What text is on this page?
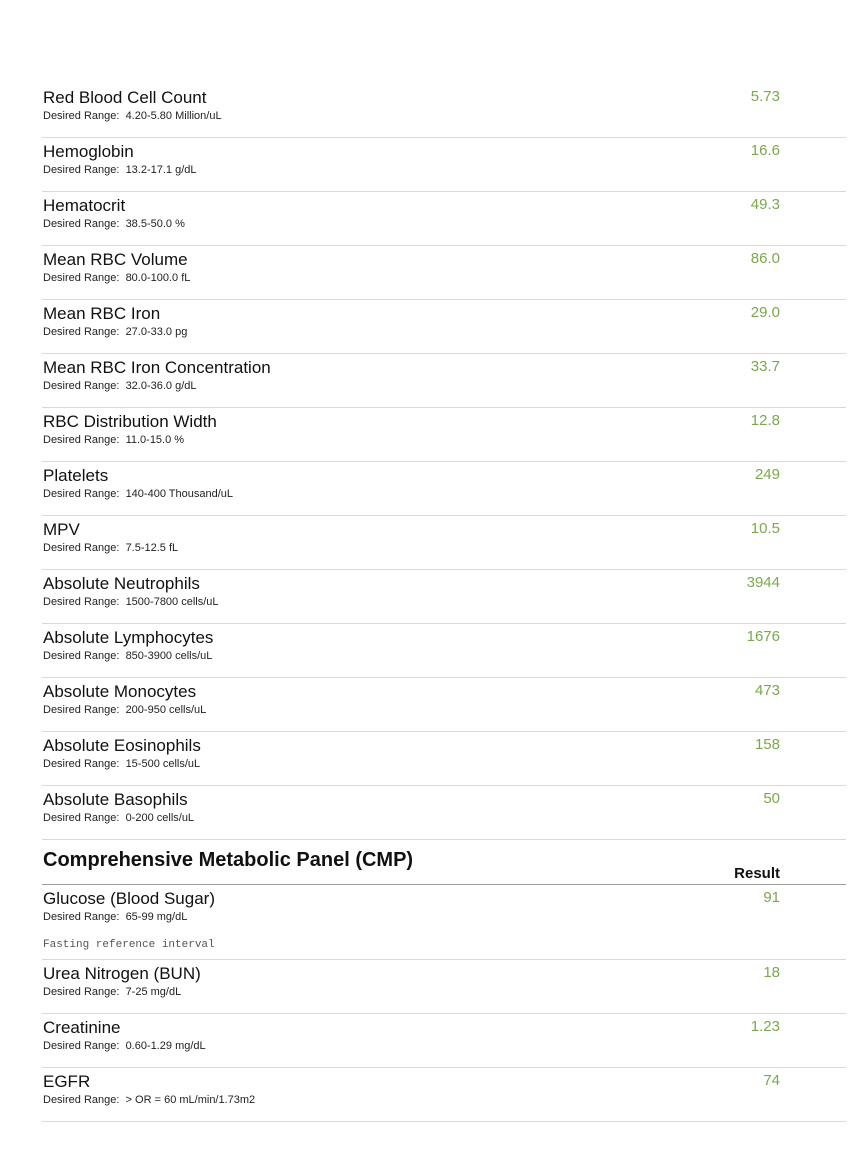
Red Blood Cell Count
Desired Range: 4.20-5.80 Million/uL
5.73
Hemoglobin
Desired Range: 13.2-17.1 g/dL
16.6
Hematocrit
Desired Range: 38.5-50.0 %
49.3
Mean RBC Volume
Desired Range: 80.0-100.0 fL
86.0
Mean RBC Iron
Desired Range: 27.0-33.0 pg
29.0
Mean RBC Iron Concentration
Desired Range: 32.0-36.0 g/dL
33.7
RBC Distribution Width
Desired Range: 11.0-15.0 %
12.8
Platelets
Desired Range: 140-400 Thousand/uL
249
MPV
Desired Range: 7.5-12.5 fL
10.5
Absolute Neutrophils
Desired Range: 1500-7800 cells/uL
3944
Absolute Lymphocytes
Desired Range: 850-3900 cells/uL
1676
Absolute Monocytes
Desired Range: 200-950 cells/uL
473
Absolute Eosinophils
Desired Range: 15-500 cells/uL
158
Absolute Basophils
Desired Range: 0-200 cells/uL
50
Comprehensive Metabolic Panel (CMP)
Result
Glucose (Blood Sugar)
Desired Range: 65-99 mg/dL
Fasting reference interval
91
Urea Nitrogen (BUN)
Desired Range: 7-25 mg/dL
18
Creatinine
Desired Range: 0.60-1.29 mg/dL
1.23
EGFR
Desired Range: > OR = 60 mL/min/1.73m2
74
